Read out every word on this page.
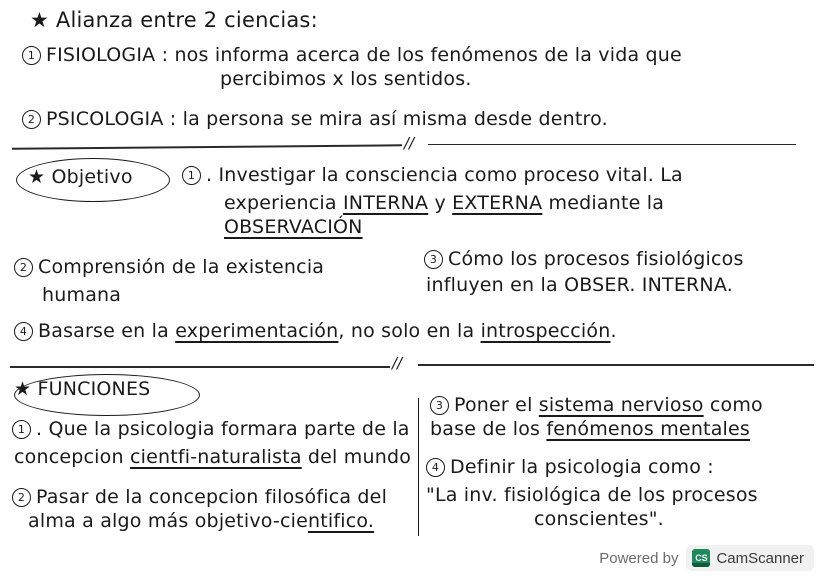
★ Alianza entre 2 ciencias:
1 FISIOLOGIA : nos informa acerca de los fenómenos de la vida que
percibimos x los sentidos.
2 PSICOLOGIA : la persona se mira así misma desde dentro.
//
★ Objetivo	1 . Investigar la consciencia como proceso vital. La
experiencia INTERNA y EXTERNA mediante la
OBSERVACIÓN
2 Comprensión de la existencia
humana
3 Cómo los procesos fisiológicos
influyen en la OBSER. INTERNA.
4 Basarse en la experimentación, no solo en la introspección.
//
★ FUNCIONES
1 . Que la psicologia formara parte de la
concepcion cientfi-naturalista del mundo
2 Pasar de la concepcion filosófica del
alma a algo más objetivo-cientifico.
3 Poner el sistema nervioso como
base de los fenómenos mentales
4 Definir la psicologia como :
"La inv. fisiológica de los procesos
conscientes".
Powered by CS CamScanner
